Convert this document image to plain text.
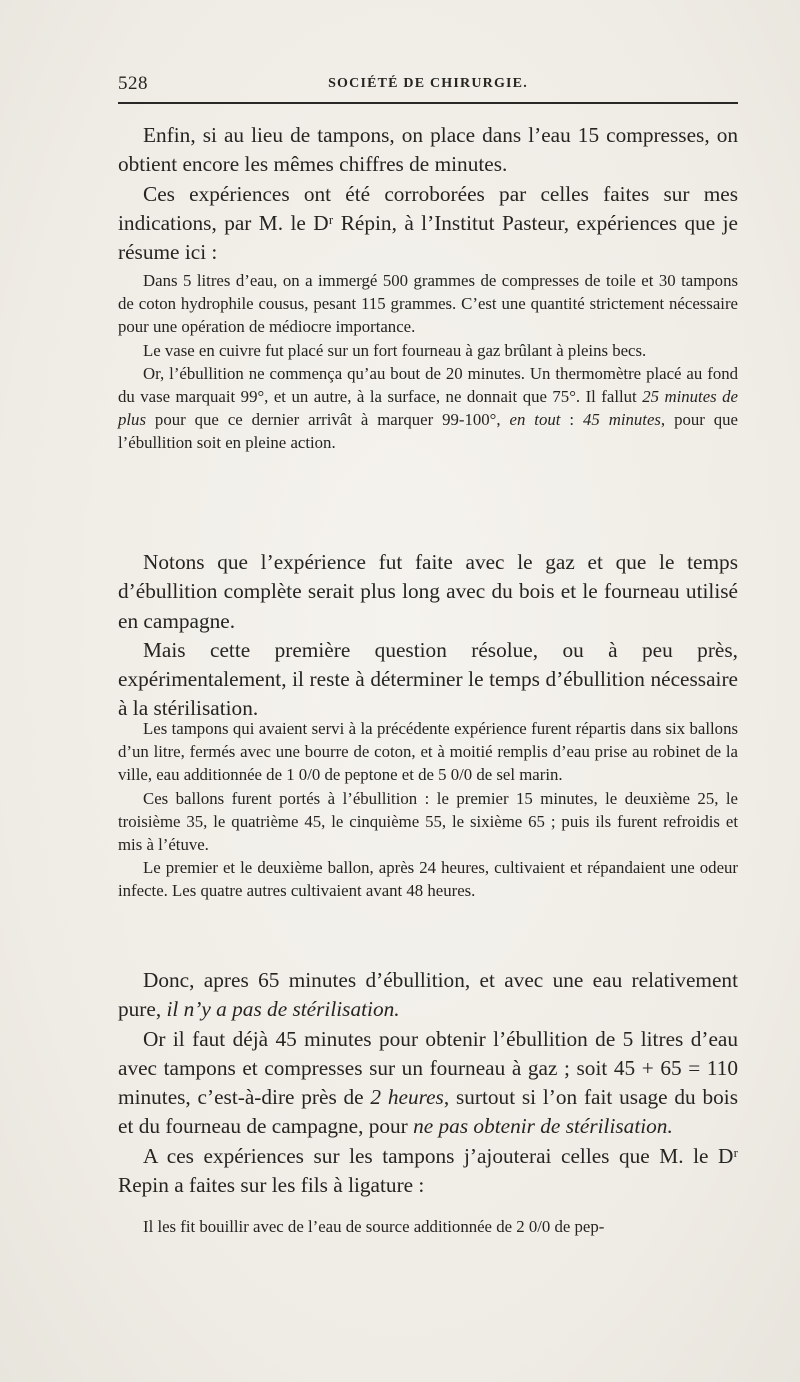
528	SOCIÉTÉ DE CHIRURGIE.

Enfin, si au lieu de tampons, on place dans l’eau 15 compresses, on obtient encore les mêmes chiffres de minutes.

Ces expériences ont été corroborées par celles faites sur mes indications, par M. le Dʳ Répin, à l’Institut Pasteur, expériences que je résume ici :

Dans 5 litres d’eau, on a immergé 500 grammes de compresses de toile et 30 tampons de coton hydrophile cousus, pesant 115 grammes. C’est une quantité strictement nécessaire pour une opération de médiocre importance.

Le vase en cuivre fut placé sur un fort fourneau à gaz brûlant à pleins becs.

Or, l’ébullition ne commença qu’au bout de 20 minutes. Un thermomètre placé au fond du vase marquait 99°, et un autre, à la surface, ne donnait que 75°. Il fallut 25 minutes de plus pour que ce dernier arrivât à marquer 99-100°, en tout : 45 minutes, pour que l’ébullition soit en pleine action.

Notons que l’expérience fut faite avec le gaz et que le temps d’ébullition complète serait plus long avec du bois et le fourneau utilisé en campagne.

Mais cette première question résolue, ou à peu près, expérimentalement, il reste à déterminer le temps d’ébullition nécessaire à la stérilisation.

Les tampons qui avaient servi à la précédente expérience furent répartis dans six ballons d’un litre, fermés avec une bourre de coton, et à moitié remplis d’eau prise au robinet de la ville, eau additionnée de 1 0/0 de peptone et de 5 0/0 de sel marin.

Ces ballons furent portés à l’ébullition : le premier 15 minutes, le deuxième 25, le troisième 35, le quatrième 45, le cinquième 55, le sixième 65 ; puis ils furent refroidis et mis à l’étuve.

Le premier et le deuxième ballon, après 24 heures, cultivaient et répandaient une odeur infecte. Les quatre autres cultivaient avant 48 heures.

Donc, apres 65 minutes d’ébullition, et avec une eau relativement pure, il n’y a pas de stérilisation.

Or il faut déjà 45 minutes pour obtenir l’ébullition de 5 litres d’eau avec tampons et compresses sur un fourneau à gaz ; soit 45 + 65 = 110 minutes, c’est-à-dire près de 2 heures, surtout si l’on fait usage du bois et du fourneau de campagne, pour ne pas obtenir de stérilisation.

A ces expériences sur les tampons j’ajouterai celles que M. le Dʳ Repin a faites sur les fils à ligature :

Il les fit bouillir avec de l’eau de source additionnée de 2 0/0 de pep-
